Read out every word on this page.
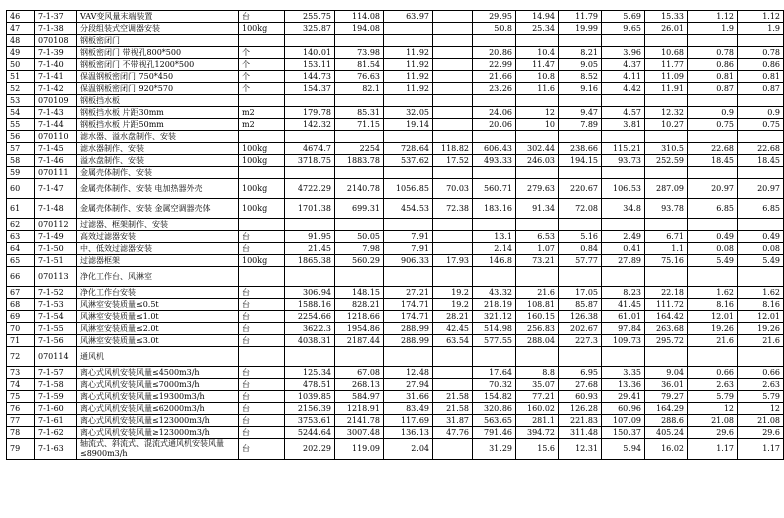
46	7-1-37	VAV变风量末端装置	台	255.75	114.08	63.97		29.95	14.94	11.79	5.69	15.33	1.12	1.12
47	7-1-38	分段组装式空调器安装	100kg	325.87	194.08			50.8	25.34	19.99	9.65	26.01	1.9	1.9
48	070108	钢板密闭门												
49	7-1-39	钢板密闭门 带视孔800*500	个	140.01	73.98	11.92		20.86	10.4	8.21	3.96	10.68	0.78	0.78
50	7-1-40	钢板密闭门 不带视孔1200*500	个	153.11	81.54	11.92		22.99	11.47	9.05	4.37	11.77	0.86	0.86
51	7-1-41	保温钢板密闭门 750*450	个	144.73	76.63	11.92		21.66	10.8	8.52	4.11	11.09	0.81	0.81
52	7-1-42	保温钢板密闭门 920*570	个	154.37	82.1	11.92		23.26	11.6	9.16	4.42	11.91	0.87	0.87
53	070109	钢板挡水板												
54	7-1-43	钢板挡水板 片距30mm	m2	179.78	85.31	32.05		24.06	12	9.47	4.57	12.32	0.9	0.9
55	7-1-44	钢板挡水板 片距50mm	m2	142.32	71.15	19.14		20.06	10	7.89	3.81	10.27	0.75	0.75
56	070110	滤水器、溢水盘制作、安装												
57	7-1-45	滤水器制作、安装	100kg	4674.7	2254	728.64	118.82	606.43	302.44	238.66	115.21	310.5	22.68	22.68
58	7-1-46	溢水盘制作、安装	100kg	3718.75	1883.78	537.62	17.52	493.33	246.03	194.15	93.73	252.59	18.45	18.45
59	070111	金属壳体制作、安装												
60	7-1-47	金属壳体制作、安装 电加热器外壳	100kg	4722.29	2140.78	1056.85	70.03	560.71	279.63	220.67	106.53	287.09	20.97	20.97
61	7-1-48	金属壳体制作、安装 金属空调器壳体	100kg	1701.38	699.31	454.53	72.38	183.16	91.34	72.08	34.8	93.78	6.85	6.85
62	070112	过滤器、框架制作、安装												
63	7-1-49	高效过滤器安装	台	91.95	50.05	7.91		13.1	6.53	5.16	2.49	6.71	0.49	0.49
64	7-1-50	中、低效过滤器安装	台	21.45	7.98	7.91		2.14	1.07	0.84	0.41	1.1	0.08	0.08
65	7-1-51	过滤器框架	100kg	1865.38	560.29	906.33	17.93	146.8	73.21	57.77	27.89	75.16	5.49	5.49
66	070113	净化工作台、风淋室												
67	7-1-52	净化工作台安装	台	306.94	148.15	27.21	19.2	43.32	21.6	17.05	8.23	22.18	1.62	1.62
68	7-1-53	风淋室安装质量≤0.5t	台	1588.16	828.21	174.71	19.2	218.19	108.81	85.87	41.45	111.72	8.16	8.16
69	7-1-54	风淋室安装质量≤1.0t	台	2254.66	1218.66	174.71	28.21	321.12	160.15	126.38	61.01	164.42	12.01	12.01
70	7-1-55	风淋室安装质量≤2.0t	台	3622.3	1954.86	288.99	42.45	514.98	256.83	202.67	97.84	263.68	19.26	19.26
71	7-1-56	风淋室安装质量≤3.0t	台	4038.31	2187.44	288.99	63.54	577.55	288.04	227.3	109.73	295.72	21.6	21.6
72	070114	通风机												
73	7-1-57	离心式风机安装风量≤4500m3/h	台	125.34	67.08	12.48		17.64	8.8	6.95	3.35	9.04	0.66	0.66
74	7-1-58	离心式风机安装风量≤7000m3/h	台	478.51	268.13	27.94		70.32	35.07	27.68	13.36	36.01	2.63	2.63
75	7-1-59	离心式风机安装风量≤19300m3/h	台	1039.85	584.97	31.66	21.58	154.82	77.21	60.93	29.41	79.27	5.79	5.79
76	7-1-60	离心式风机安装风量≤62000m3/h	台	2156.39	1218.91	83.49	21.58	320.86	160.02	126.28	60.96	164.29	12	12
77	7-1-61	离心式风机安装风量≤123000m3/h	台	3753.61	2141.78	117.69	31.87	563.65	281.1	221.83	107.09	288.6	21.08	21.08
78	7-1-62	离心式风机安装风量≥123000m3/h	台	5244.64	3007.48	136.13	47.76	791.46	394.72	311.48	150.37	405.24	29.6	29.6
79	7-1-63	轴流式、斜流式、混流式通风机安装风量≤8900m3/h	台	202.29	119.09	2.04		31.29	15.6	12.31	5.94	16.02	1.17	1.17
